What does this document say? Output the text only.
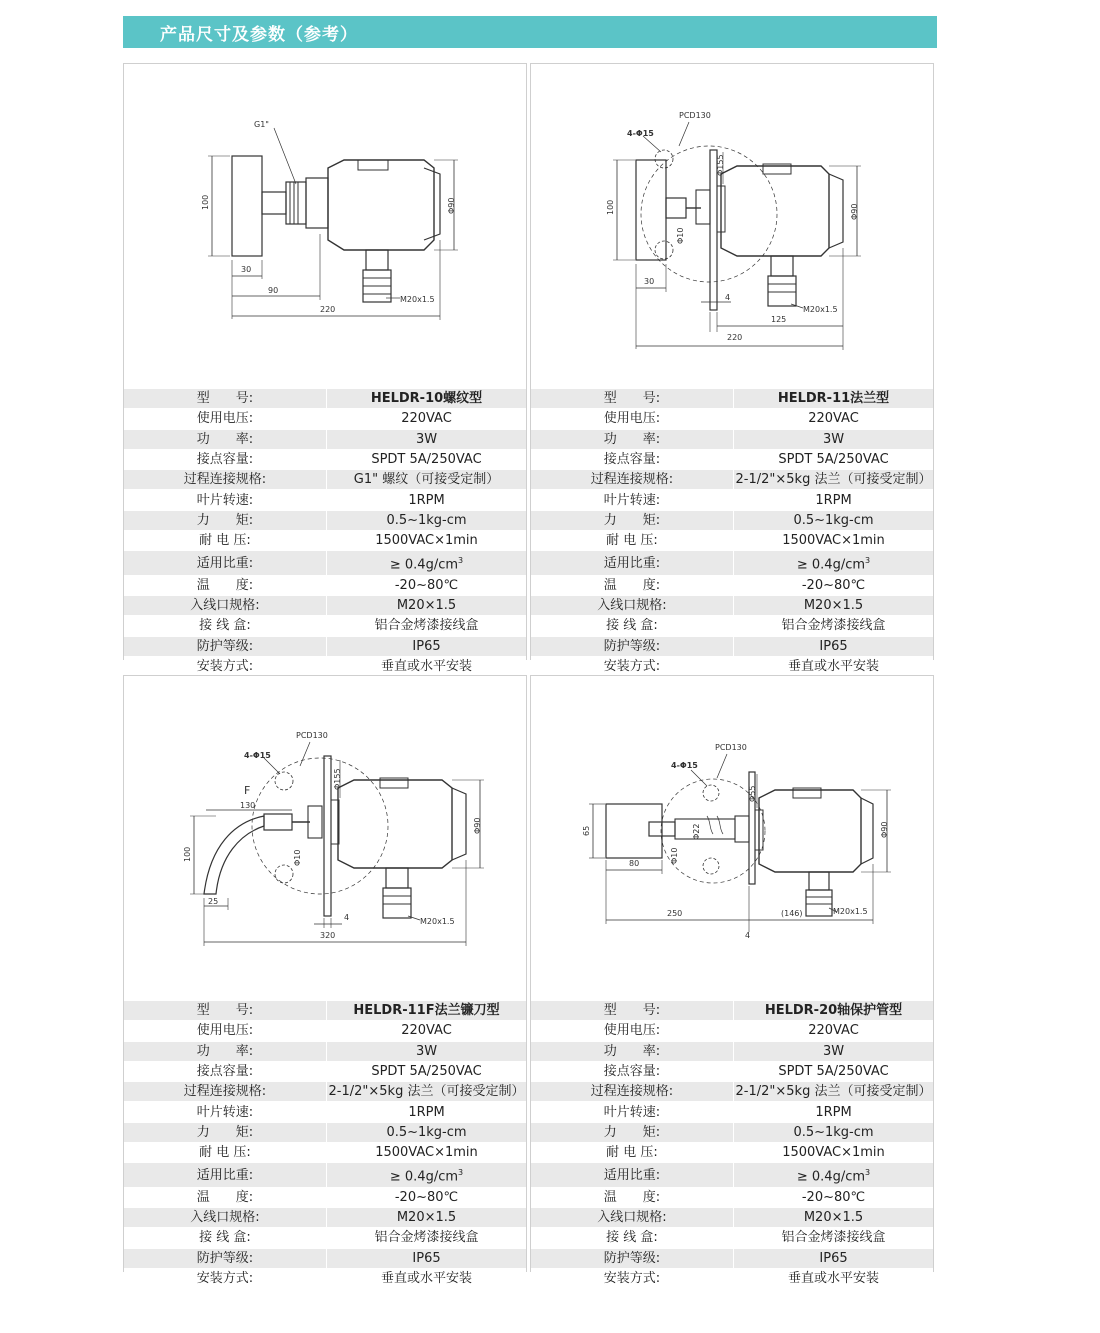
产品尺寸及参数（参考）
G1"
100
30
90
220
Φ90
M20x1.5
型　　号:	HELDR-10螺纹型
使用电压:	220VAC
功　　率:	3W
接点容量:	SPDT 5A/250VAC
过程连接规格:	G1" 螺纹（可接受定制）
叶片转速:	1RPM
力　　矩:	0.5~1kg-cm
耐 电 压:	1500VAC×1min
适用比重:	≥ $0.4g/cm^3$
温　　度:	-20~80℃
入线口规格:	M20×1.5
接 线 盒:	铝合金烤漆接线盒
防护等级:	IP65
安装方式:	垂直或水平安装
PCD130
4-Φ15
Φ155
100
Φ10
30
4
125
220
Φ90
M20x1.5
型　　号:	HELDR-11法兰型
使用电压:	220VAC
功　　率:	3W
接点容量:	SPDT 5A/250VAC
过程连接规格:	2-1/2"×5kg 法兰（可接受定制）
叶片转速:	1RPM
力　　矩:	0.5~1kg-cm
耐 电 压:	1500VAC×1min
适用比重:	≥ $0.4g/cm^3$
温　　度:	-20~80℃
入线口规格:	M20×1.5
接 线 盒:	铝合金烤漆接线盒
防护等级:	IP65
安装方式:	垂直或水平安装
PCD130
4-Φ15
Φ155
F
130
100	Φ10
25
4
320
Φ90
M20x1.5
型　　号:	HELDR-11F法兰镰刀型
使用电压:	220VAC
功　　率:	3W
接点容量:	SPDT 5A/250VAC
过程连接规格:	2-1/2"×5kg 法兰（可接受定制）
叶片转速:	1RPM
力　　矩:	0.5~1kg-cm
耐 电 压:	1500VAC×1min
适用比重:	≥ $0.4g/cm^3$
温　　度:	-20~80℃
入线口规格:	M20×1.5
接 线 盒:	铝合金烤漆接线盒
防护等级:	IP65
安装方式:	垂直或水平安装
PCD130
4-Φ15
Φ55
65	Φ22
Φ10
80
250	(146)
4
Φ90
M20x1.5
型　　号:	HELDR-20轴保护管型
使用电压:	220VAC
功　　率:	3W
接点容量:	SPDT 5A/250VAC
过程连接规格:	2-1/2"×5kg 法兰（可接受定制）
叶片转速:	1RPM
力　　矩:	0.5~1kg-cm
耐 电 压:	1500VAC×1min
适用比重:	≥ $0.4g/cm^3$
温　　度:	-20~80℃
入线口规格:	M20×1.5
接 线 盒:	铝合金烤漆接线盒
防护等级:	IP65
安装方式:	垂直或水平安装
